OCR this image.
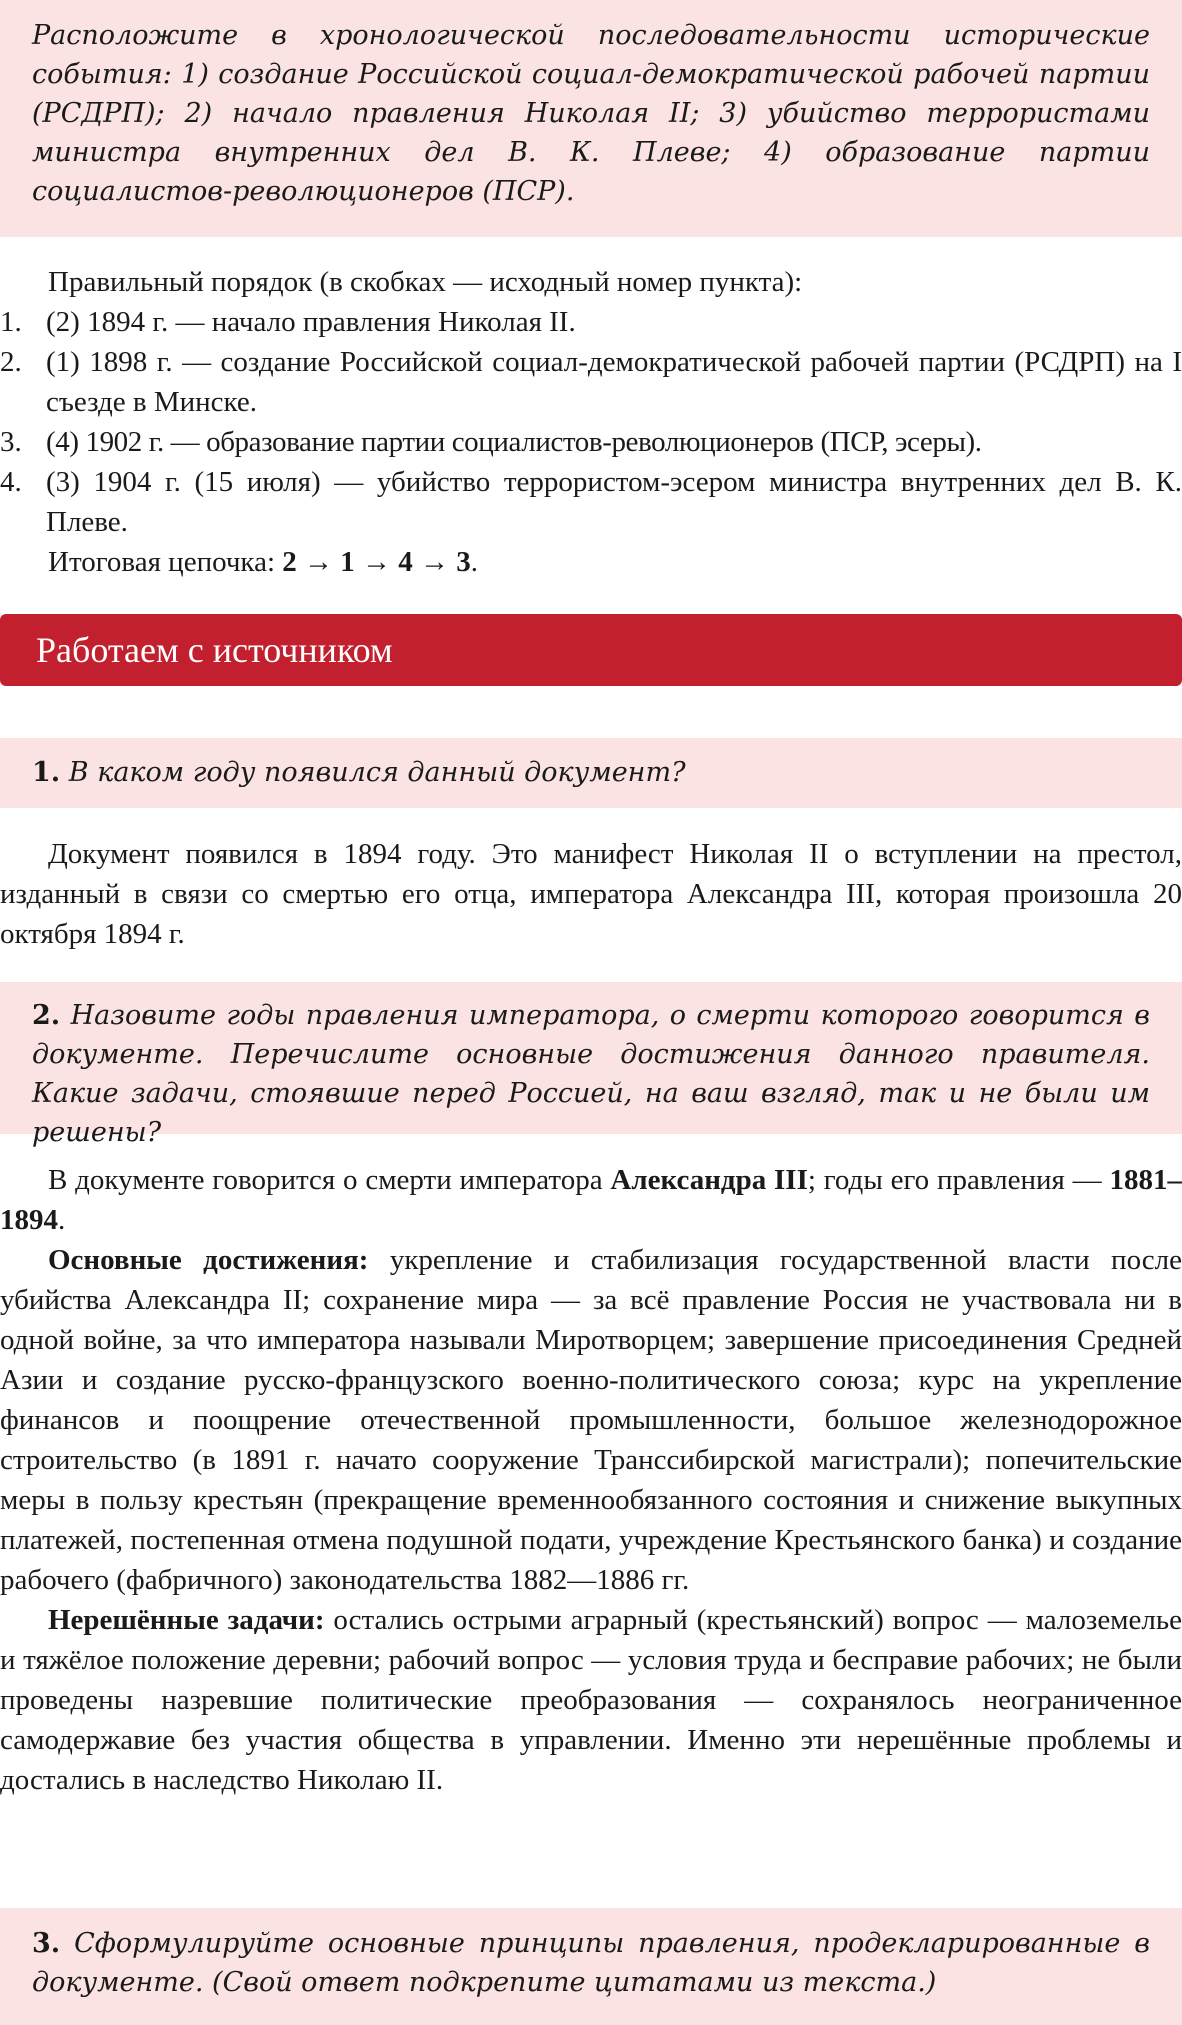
Расположите в хронологической последовательности исторические события: 1) создание Российской социал-демократической рабочей партии (РСДРП); 2) начало правления Николая II; 3) убийство террористами министра внутренних дел В. К. Плеве; 4) образование партии социалистов-революционеров (ПСР).

Правильный порядок (в скобках — исходный номер пункта):

1. (2) 1894 г. — начало правления Николая II.
2. (1) 1898 г. — создание Российской социал-демократической рабочей партии (РСДРП) на I съезде в Минске.
3. (4) 1902 г. — образование партии социалистов-революционеров (ПСР, эсеры).
4. (3) 1904 г. (15 июля) — убийство террористом-эсером министра внутренних дел В. К. Плеве.

Итоговая цепочка: 2 → 1 → 4 → 3.

Работаем с источником

1. В каком году появился данный документ?

Документ появился в 1894 году. Это манифест Николая II о вступлении на престол, изданный в связи со смертью его отца, императора Александра III, которая произошла 20 октября 1894 г.

2. Назовите годы правления императора, о смерти которого говорится в документе. Перечислите основные достижения данного правителя. Какие задачи, стоявшие перед Россией, на ваш взгляд, так и не были им решены?

В документе говорится о смерти императора Александра III; годы его правления — 1881–1894.

Основные достижения: укрепление и стабилизация государственной власти после убийства Александра II; сохранение мира — за всё правление Россия не участвовала ни в одной войне, за что императора называли Миротворцем; завершение присоединения Средней Азии и создание русско-французского военно-политического союза; курс на укрепление финансов и поощрение отечественной промышленности, большое железнодорожное строительство (в 1891 г. начато сооружение Транссибирской магистрали); попечительские меры в пользу крестьян (прекращение временнообязанного состояния и снижение выкупных платежей, постепенная отмена подушной подати, учреждение Крестьянского банка) и создание рабочего (фабричного) законодательства 1882—1886 гг.

Нерешённые задачи: остались острыми аграрный (крестьянский) вопрос — малоземелье и тяжёлое положение деревни; рабочий вопрос — условия труда и бесправие рабочих; не были проведены назревшие политические преобразования — сохранялось неограниченное самодержавие без участия общества в управлении. Именно эти нерешённые проблемы и достались в наследство Николаю II.

3. Сформулируйте основные принципы правления, продекларированные в документе. (Свой ответ подкрепите цитатами из текста.)
